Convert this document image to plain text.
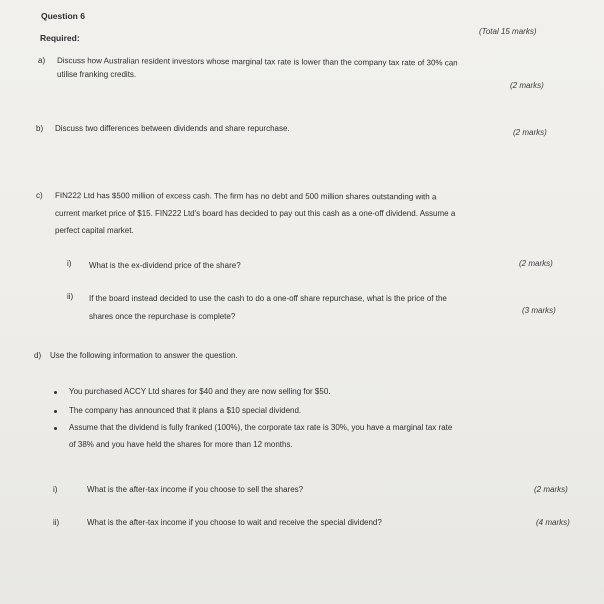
Question 6
Required:
(Total 15 marks)
a) Discuss how Australian resident investors whose marginal tax rate is lower than the company tax rate of 30% can
utilise franking credits.
(2 marks)
b) Discuss two differences between dividends and share repurchase.	(2 marks)
c) FIN222 Ltd has $500 million of excess cash. The firm has no debt and 500 million shares outstanding with a
current market price of $15. FIN222 Ltd's board has decided to pay out this cash as a one-off dividend. Assume a
perfect capital market.
i) What is the ex-dividend price of the share?	(2 marks)
ii) If the board instead decided to use the cash to do a one-off share repurchase, what is the price of the
shares once the repurchase is complete?
(3 marks)
d) Use the following information to answer the question.
You purchased ACCY Ltd shares for $40 and they are now selling for $50.
The company has announced that it plans a $10 special dividend.
Assume that the dividend is fully franked (100%), the corporate tax rate is 30%, you have a marginal tax rate
of 38% and you have held the shares for more than 12 months.
i)	What is the after-tax income if you choose to sell the shares?	(2 marks)
ii)	What is the after-tax income if you choose to wait and receive the special dividend?	(4 marks)
